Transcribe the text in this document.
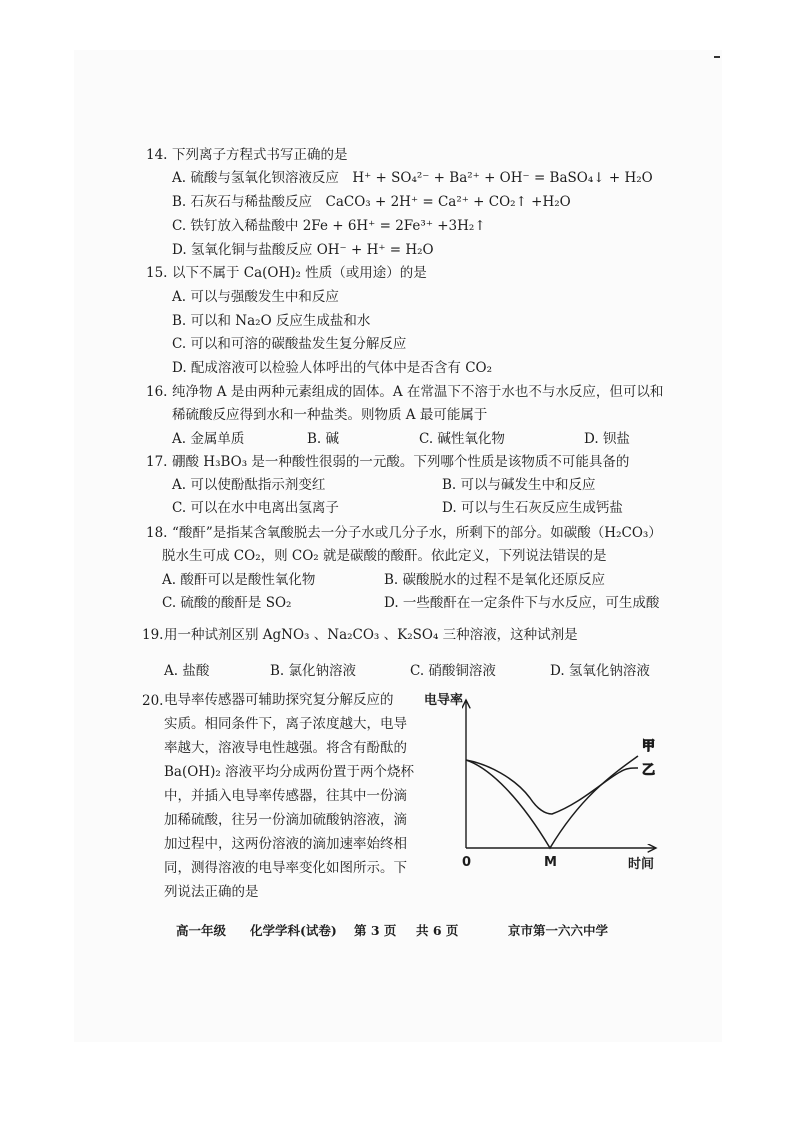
14. 下列离子方程式书写正确的是
A. 硫酸与氢氧化钡溶液反应　H⁺ + SO₄²⁻ + Ba²⁺ + OH⁻ = BaSO₄↓ + H₂O
B. 石灰石与稀盐酸反应　CaCO₃ + 2H⁺ = Ca²⁺ + CO₂↑ +H₂O
C. 铁钉放入稀盐酸中 2Fe + 6H⁺ = 2Fe³⁺ +3H₂↑
D. 氢氧化铜与盐酸反应 OH⁻ + H⁺ = H₂O
15. 以下不属于 Ca(OH)₂ 性质（或用途）的是
A. 可以与强酸发生中和反应
B. 可以和 Na₂O 反应生成盐和水
C. 可以和可溶的碳酸盐发生复分解反应
D. 配成溶液可以检验人体呼出的气体中是否含有 CO₂
16. 纯净物 A 是由两种元素组成的固体。A 在常温下不溶于水也不与水反应，但可以和
稀硫酸反应得到水和一种盐类。则物质 A 最可能属于
A. 金属单质	B. 碱	C. 碱性氧化物	D. 钡盐
17. 硼酸 H₃BO₃ 是一种酸性很弱的一元酸。下列哪个性质是该物质不可能具备的
A. 可以使酚酞指示剂变红	B. 可以与碱发生中和反应
C. 可以在水中电离出氢离子	D. 可以与生石灰反应生成钙盐
18. “酸酐”是指某含氧酸脱去一分子水或几分子水，所剩下的部分。如碳酸（H₂CO₃）
脱水生可成 CO₂，则 CO₂ 就是碳酸的酸酐。依此定义，下列说法错误的是
A. 酸酐可以是酸性氧化物	B. 碳酸脱水的过程不是氧化还原反应
C. 硫酸的酸酐是 SO₂	D. 一些酸酐在一定条件下与水反应，可生成酸
19. 用一种试剂区别 AgNO₃ 、Na₂CO₃ 、K₂SO₄ 三种溶液，这种试剂是
A. 盐酸	B. 氯化钠溶液	C. 硝酸铜溶液	D. 氢氧化钠溶液
20. 电导率传感器可辅助探究复分解反应的
实质。相同条件下，离子浓度越大，电导
率越大，溶液导电性越强。将含有酚酞的
Ba(OH)₂ 溶液平均分成两份置于两个烧杯
中，并插入电导率传感器，往其中一份滴
加稀硫酸，往另一份滴加硫酸钠溶液，滴
加过程中，这两份溶液的滴加速率始终相
同，测得溶液的电导率变化如图所示。下
列说法正确的是
电导率
时间
0	M
甲
乙
高一年级 化学学科(试卷) 第 3 页 共 6 页	京市第一六六中学
